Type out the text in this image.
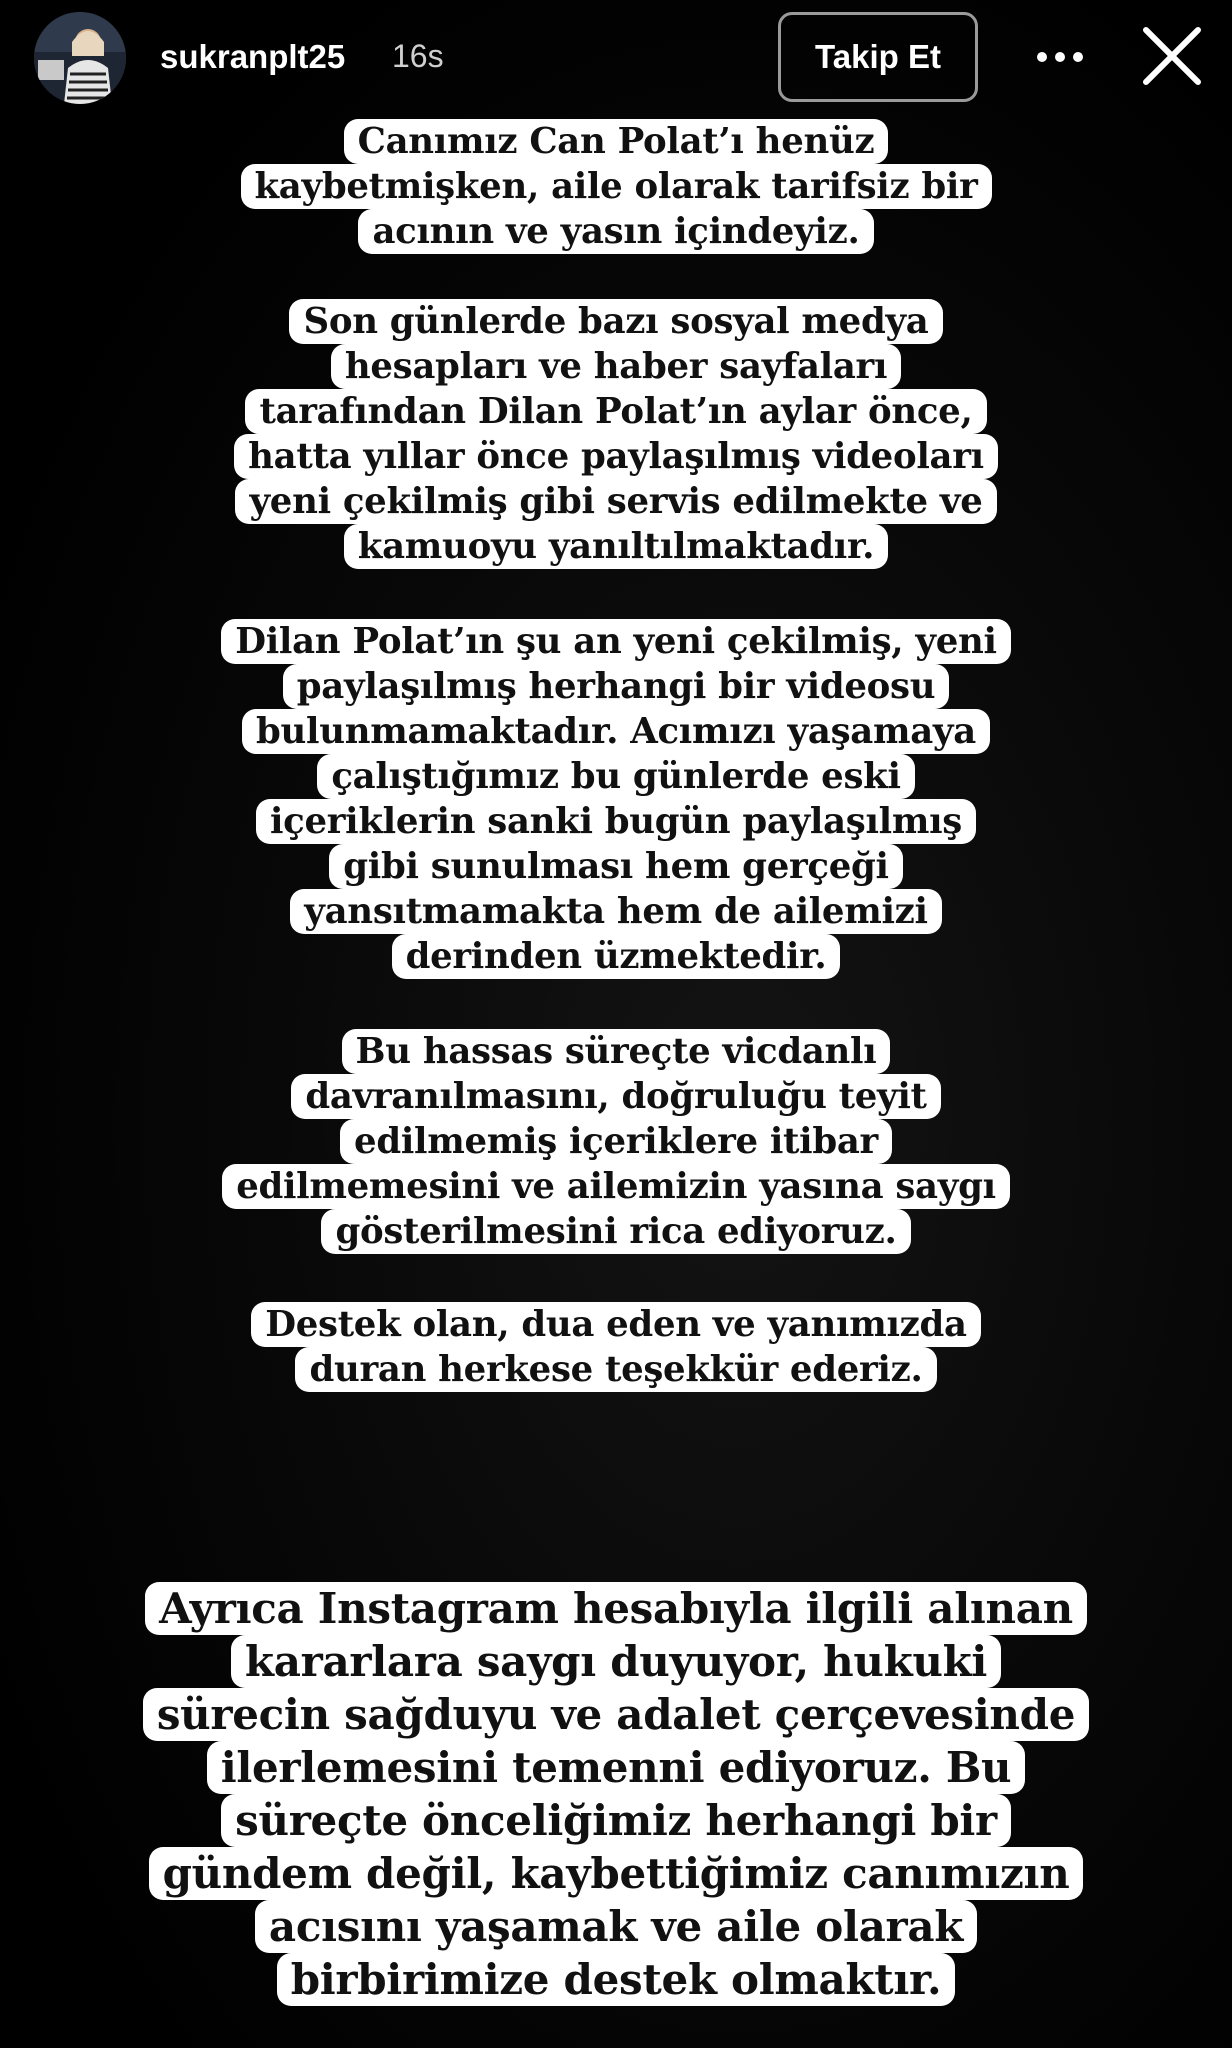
sukranplt25 16s	Takip Et
Canımız Can Polat’ı henüz
kaybetmişken, aile olarak tarifsiz bir
acının ve yasın içindeyiz.
Son günlerde bazı sosyal medya
hesapları ve haber sayfaları
tarafından Dilan Polat’ın aylar önce,
hatta yıllar önce paylaşılmış videoları
yeni çekilmiş gibi servis edilmekte ve
kamuoyu yanıltılmaktadır.
Dilan Polat’ın şu an yeni çekilmiş, yeni
paylaşılmış herhangi bir videosu
bulunmamaktadır. Acımızı yaşamaya
çalıştığımız bu günlerde eski
içeriklerin sanki bugün paylaşılmış
gibi sunulması hem gerçeği
yansıtmamakta hem de ailemizi
derinden üzmektedir.
Bu hassas süreçte vicdanlı
davranılmasını, doğruluğu teyit
edilmemiş içeriklere itibar
edilmemesini ve ailemizin yasına saygı
gösterilmesini rica ediyoruz.
Destek olan, dua eden ve yanımızda
duran herkese teşekkür ederiz.
Ayrıca Instagram hesabıyla ilgili alınan
kararlara saygı duyuyor, hukuki
sürecin sağduyu ve adalet çerçevesinde
ilerlemesini temenni ediyoruz. Bu
süreçte önceliğimiz herhangi bir
gündem değil, kaybettiğimiz canımızın
acısını yaşamak ve aile olarak
birbirimize destek olmaktır.
